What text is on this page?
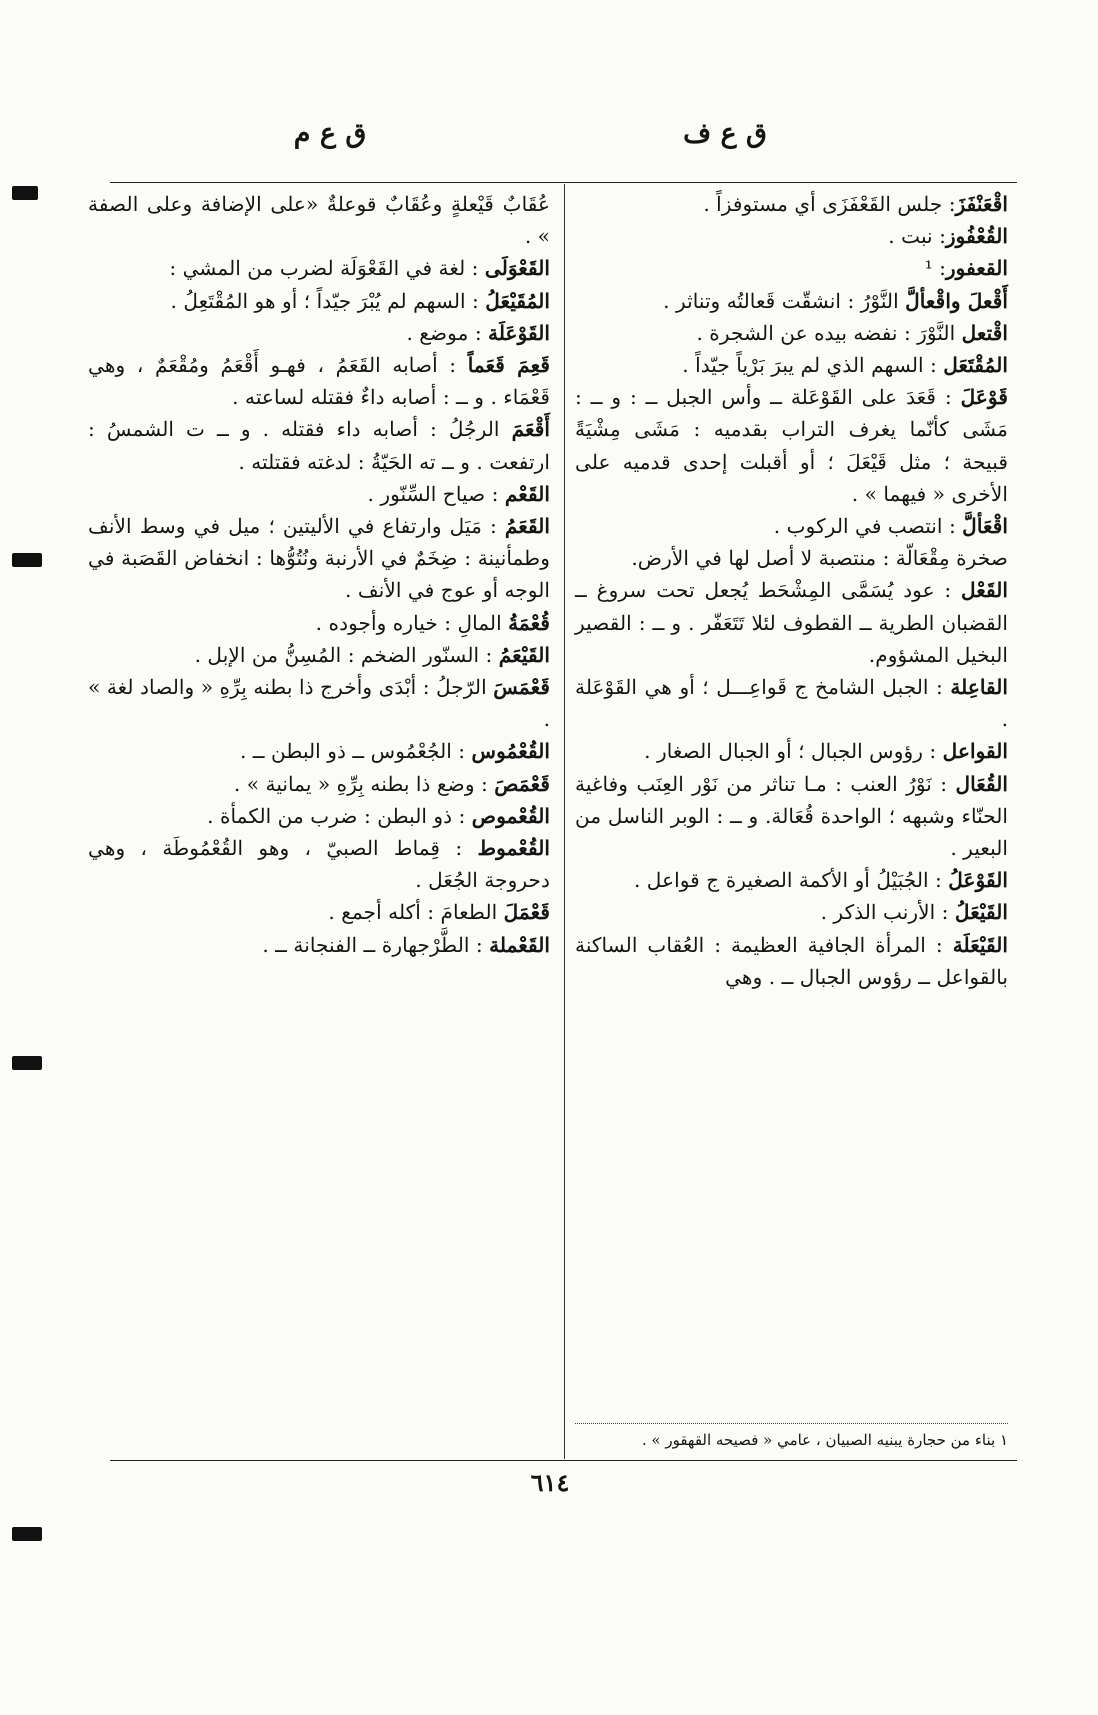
ق ع ف
ق ع م

اقْعَنْفَزَ: جلس القَعْفَزَى أي مستوفزاً .

القُعْفُوز: نبت .

القعفور: ¹

أَقْعلَ واقْعألَّ النَّوْرُ : انشقّت قَعالتُه وتناثر .

اقْتعل النَّوْرَ : نفضه بيده عن الشجرة .

المُقْتَعَل : السهم الذي لم يبرَ بَرْياً جيّداً .

قَوْعَلَ : قَعَدَ على القَوْعَلة ــ وأس الجبل ــ : و ــ : مَشَى كأنّما يغرف التراب بقدميه : مَشَى مِشْيَةً قبيحة ؛ مثل قَيْعَلَ ؛ أو أقبلت إحدى قدميه على الأخرى « فيهما » .

اقْعَألَّ : انتصب في الركوب .

صخرة مِقْعَالّة : منتصبة لا أصل لها في الأرض.

القَعْل : عود يُسَمَّى المِشْحَط يُجعل تحت سروغ ــ القضبان الطرية ــ القطوف لئلا تَتَعَفّر . و ــ : القصير البخيل المشؤوم.

القاعِلة : الجبل الشامخ ج قَواعِـــل ؛ أو هي القَوْعَلة .

القواعل : رؤوس الجبال ؛ أو الجبال الصغار .

القُعَال : نَوْرُ العنب : مـا تناثر من نَوْر العِنَب وفاغية الحنّاء وشبهه ؛ الواحدة قُعَالة. و ــ : الوبر الناسل من البعير .

القَوْعَلُ : الجُبَيْلُ أو الأكمة الصغيرة ج قواعل .

القَيْعَلُ : الأرنب الذكر .

القَيْعَلَة : المرأة الجافية العظيمة : العُقاب الساكنة بالقواعل ــ رؤوس الجبال ــ . وهي

عُقَابٌ قَيْعلةٍ وعُقَابٌ قوعلةٌ «على الإضافة وعلى الصفة » .

القَعْوَلَى : لغة في القَعْوَلَة لضرب من المشي :

المُقَيْعَلُ : السهم لم يُبْرَ جيّداً ؛ أو هو المُقْتَعِلُ .

القَوْعَلَة : موضع .

قَعِمَ قَعَماً : أصابه القَعَمُ ، فهـو أَقْعَمُ ومُقْعَمٌ ، وهي قَعْمَاء . و ــ : أصابه داءٌ فقتله لساعته .

أَقْعَمَ الرجُلُ : أصابه داء فقتله . و ــ ت الشمسُ : ارتفعت . و ــ ته الحَيّةُ : لدغته فقتلته .

القَعْم : صياح السِّنّور .

القَعَمُ : مَيَل وارتفاع في الأليتين ؛ ميل في وسط الأنف وطمأنينة : ضِخَمٌ في الأرنبة ونُتُوُّها : انخفاض القَصَبة في الوجه أو عوج في الأنف .

قُعْمَةُ المالِ : خياره وأجوده .

القَيْعَمُ : السنّور الضخم : المُسِنُّ من الإبل .

قَعْمَسَ الرّجلُ : أبْدَى وأخرج ذا بطنه بِرِّهِ « والصاد لغة » .

القُعْمُوس : الجُعْمُوس ــ ذو البطن ــ .

قَعْمَصَ : وضع ذا بطنه بِرِّهِ « يمانية » .

القُعْموص : ذو البطن : ضرب من الكمأة .

القُعْموط : قِماط الصبيّ ، وهو القُعْمُوطَة ، وهي دحروجة الجُعَل .

قَعْمَلَ الطعامَ : أكله أجمع .

القَعْملة : الطَّرْجهارة ــ الفنجانة ــ .

١ بناء من حجارة يبنيه الصبيان ، عامي « فصيحه القهقور » .
٦١٤
